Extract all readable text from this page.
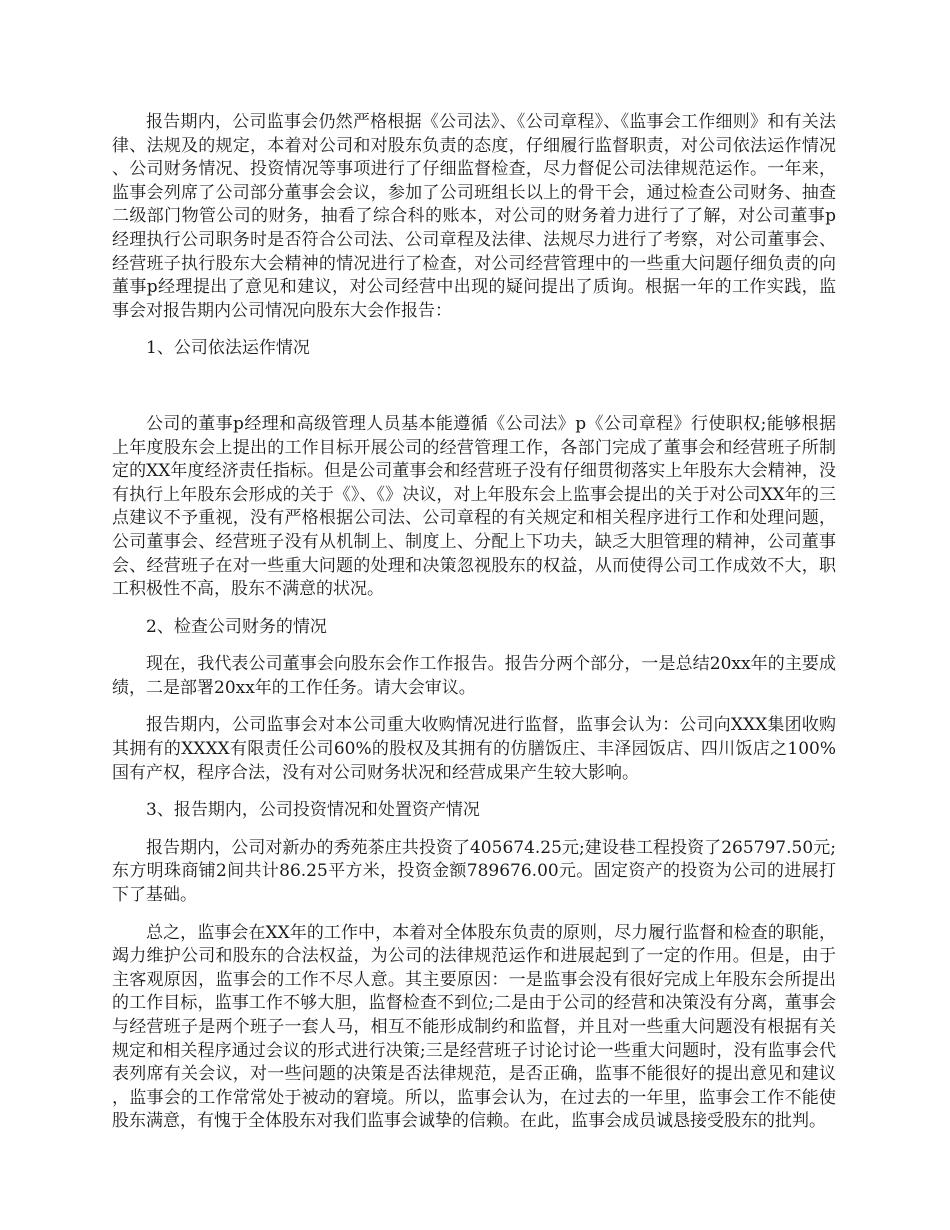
报告期内，公司监事会仍然严格根据《公司法》、《公司章程》、《监事会工作细则》和有关法律、法规及的规定，本着对公司和对股东负责的态度，仔细履行监督职责，对公司依法运作情况、公司财务情况、投资情况等事项进行了仔细监督检查，尽力督促公司法律规范运作。一年来，监事会列席了公司部分董事会会议，参加了公司班组长以上的骨干会，通过检查公司财务、抽查二级部门物管公司的财务，抽看了综合科的账本，对公司的财务着力进行了了解，对公司董事p经理执行公司职务时是否符合公司法、公司章程及法律、法规尽力进行了考察，对公司董事会、经营班子执行股东大会精神的情况进行了检查，对公司经营管理中的一些重大问题仔细负责的向董事p经理提出了意见和建议，对公司经营中出现的疑问提出了质询。根据一年的工作实践，监事会对报告期内公司情况向股东大会作报告：

1、公司依法运作情况

公司的董事p经理和高级管理人员基本能遵循《公司法》p《公司章程》行使职权;能够根据上年度股东会上提出的工作目标开展公司的经营管理工作，各部门完成了董事会和经营班子所制定的XX年度经济责任指标。但是公司董事会和经营班子没有仔细贯彻落实上年股东大会精神，没有执行上年股东会形成的关于《》、《》决议，对上年股东会上监事会提出的关于对公司XX年的三点建议不予重视，没有严格根据公司法、公司章程的有关规定和相关程序进行工作和处理问题，公司董事会、经营班子没有从机制上、制度上、分配上下功夫，缺乏大胆管理的精神，公司董事会、经营班子在对一些重大问题的处理和决策忽视股东的权益，从而使得公司工作成效不大，职工积极性不高，股东不满意的状况。

2、检查公司财务的情况

现在，我代表公司董事会向股东会作工作报告。报告分两个部分，一是总结20xx年的主要成绩，二是部署20xx年的工作任务。请大会审议。

报告期内，公司监事会对本公司重大收购情况进行监督，监事会认为：公司向XXX集团收购其拥有的XXXX有限责任公司60%的股权及其拥有的仿膳饭庄、丰泽园饭店、四川饭店之100%国有产权，程序合法，没有对公司财务状况和经营成果产生较大影响。

3、报告期内，公司投资情况和处置资产情况

报告期内，公司对新办的秀苑茶庄共投资了405674.25元;建设巷工程投资了265797.50元;东方明珠商铺2间共计86.25平方米，投资金额789676.00元。固定资产的投资为公司的进展打下了基础。

总之，监事会在XX年的工作中，本着对全体股东负责的原则，尽力履行监督和检查的职能，竭力维护公司和股东的合法权益，为公司的法律规范运作和进展起到了一定的作用。但是，由于主客观原因，监事会的工作不尽人意。其主要原因：一是监事会没有很好完成上年股东会所提出的工作目标，监事工作不够大胆，监督检查不到位;二是由于公司的经营和决策没有分离，董事会与经营班子是两个班子一套人马，相互不能形成制约和监督，并且对一些重大问题没有根据有关规定和相关程序通过会议的形式进行决策;三是经营班子讨论讨论一些重大问题时，没有监事会代表列席有关会议，对一些问题的决策是否法律规范，是否正确，监事不能很好的提出意见和建议，监事会的工作常常处于被动的窘境。所以，监事会认为，在过去的一年里，监事会工作不能使股东满意，有愧于全体股东对我们监事会诚挚的信赖。在此，监事会成员诚恳接受股东的批判。
